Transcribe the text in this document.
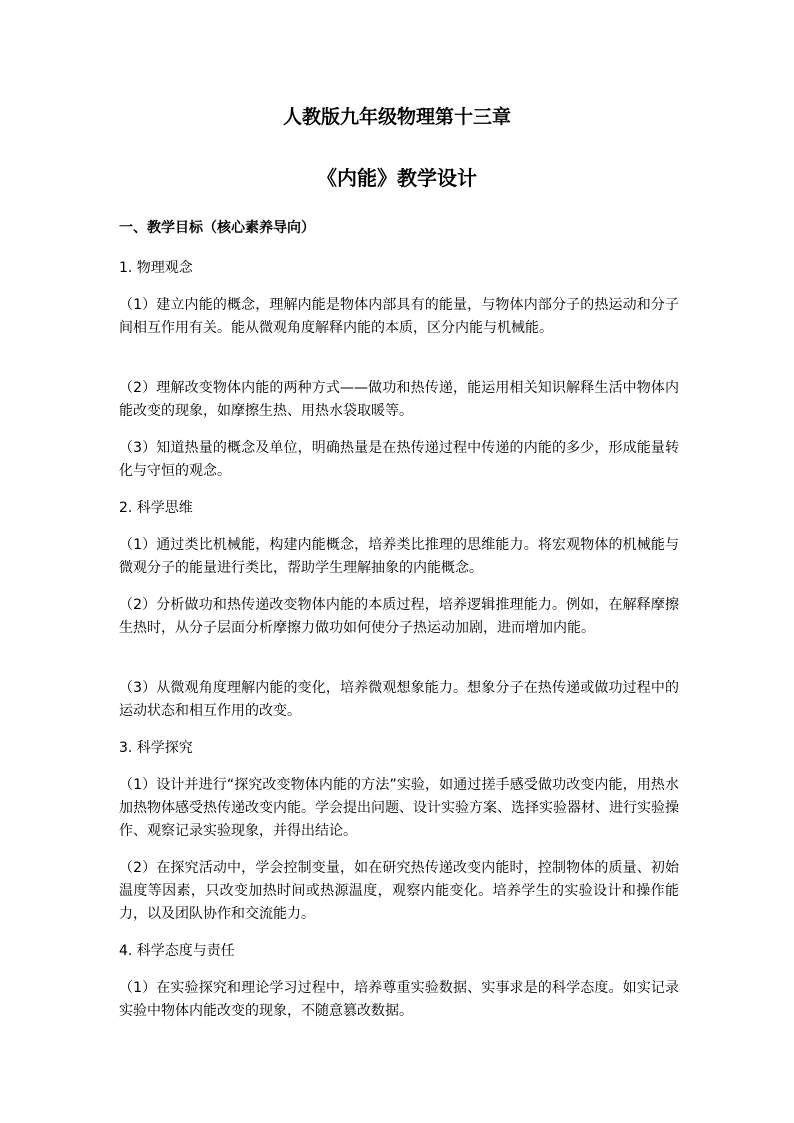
人教版九年级物理第十三章
《内能》教学设计
一、教学目标（核心素养导向）
1. 物理观念
（1）建立内能的概念，理解内能是物体内部具有的能量，与物体内部分子的热运动和分子间相互作用有关。能从微观角度解释内能的本质，区分内能与机械能。
（2）理解改变物体内能的两种方式——做功和热传递，能运用相关知识解释生活中物体内能改变的现象，如摩擦生热、用热水袋取暖等。
（3）知道热量的概念及单位，明确热量是在热传递过程中传递的内能的多少，形成能量转化与守恒的观念。
2. 科学思维
（1）通过类比机械能，构建内能概念，培养类比推理的思维能力。将宏观物体的机械能与微观分子的能量进行类比，帮助学生理解抽象的内能概念。
（2）分析做功和热传递改变物体内能的本质过程，培养逻辑推理能力。例如，在解释摩擦生热时，从分子层面分析摩擦力做功如何使分子热运动加剧，进而增加内能。
（3）从微观角度理解内能的变化，培养微观想象能力。想象分子在热传递或做功过程中的运动状态和相互作用的改变。
3. 科学探究
（1）设计并进行“探究改变物体内能的方法”实验，如通过搓手感受做功改变内能，用热水加热物体感受热传递改变内能。学会提出问题、设计实验方案、选择实验器材、进行实验操作、观察记录实验现象，并得出结论。
（2）在探究活动中，学会控制变量，如在研究热传递改变内能时，控制物体的质量、初始温度等因素，只改变加热时间或热源温度，观察内能变化。培养学生的实验设计和操作能力，以及团队协作和交流能力。
4. 科学态度与责任
（1）在实验探究和理论学习过程中，培养尊重实验数据、实事求是的科学态度。如实记录实验中物体内能改变的现象，不随意篡改数据。
